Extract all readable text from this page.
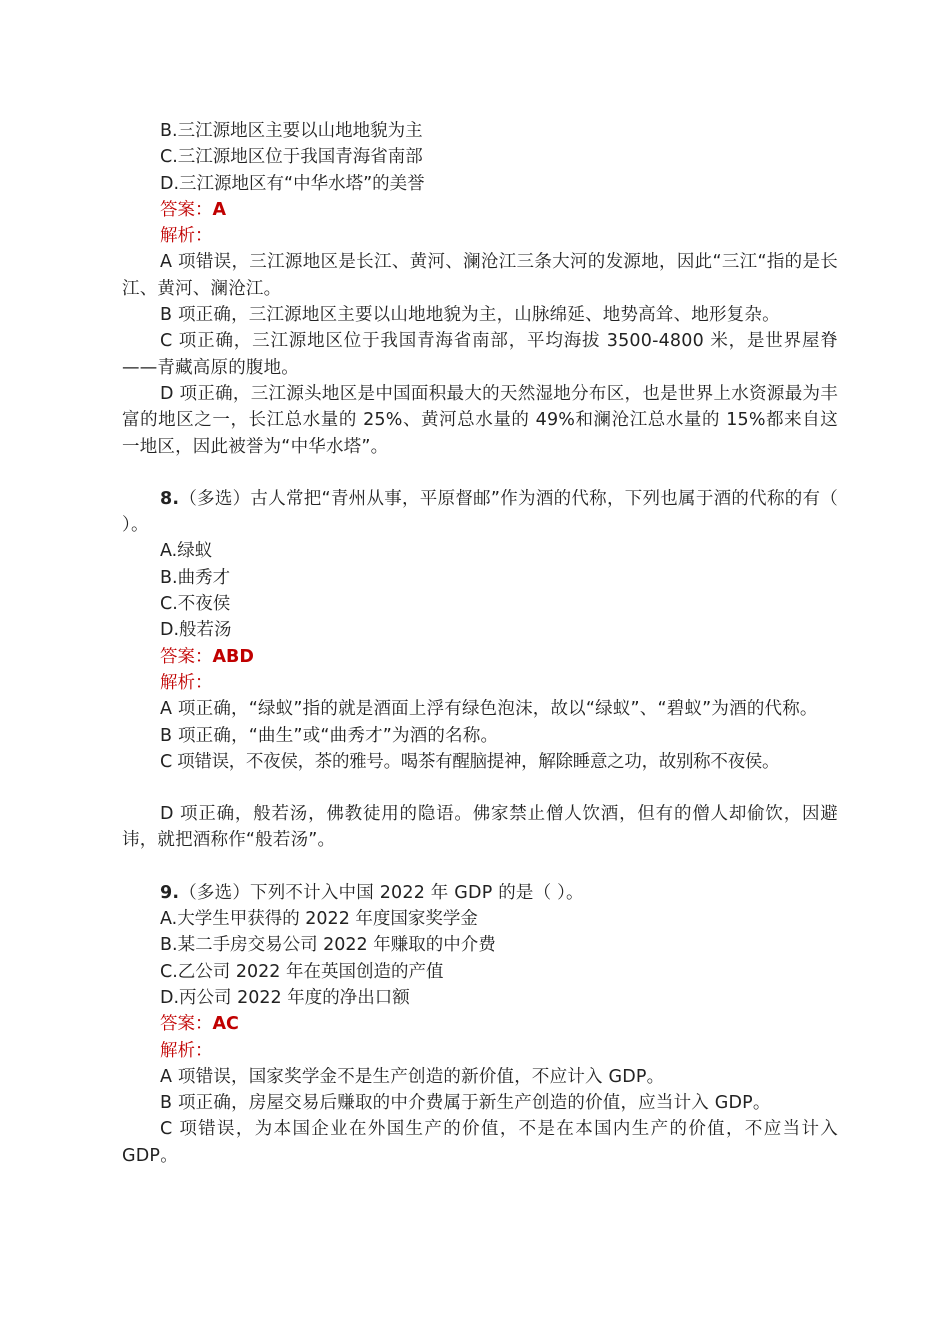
B.三江源地区主要以山地地貌为主

C.三江源地区位于我国青海省南部

D.三江源地区有“中华水塔”的美誉

答案：A

解析：

A 项错误，三江源地区是长江、黄河、澜沧江三条大河的发源地，因此“三江“指的是长江、黄河、澜沧江。

B 项正确，三江源地区主要以山地地貌为主，山脉绵延、地势高耸、地形复杂。

C 项正确，三江源地区位于我国青海省南部，平均海拔 3500-4800 米，是世界屋脊——青藏高原的腹地。

D 项正确，三江源头地区是中国面积最大的天然湿地分布区，也是世界上水资源最为丰富的地区之一，长江总水量的 25%、黄河总水量的 49%和澜沧江总水量的 15%都来自这一地区，因此被誉为“中华水塔”。

8.（多选）古人常把“青州从事，平原督邮”作为酒的代称，下列也属于酒的代称的有（ ）。

A.绿蚁

B.曲秀才

C.不夜侯

D.般若汤

答案：ABD

解析：

A 项正确，“绿蚁”指的就是酒面上浮有绿色泡沫，故以“绿蚁”、“碧蚁”为酒的代称。

B 项正确，“曲生”或“曲秀才”为酒的名称。

C 项错误，不夜侯，茶的雅号。喝茶有醒脑提神，解除睡意之功，故别称不夜侯。

D 项正确，般若汤，佛教徒用的隐语。佛家禁止僧人饮酒，但有的僧人却偷饮，因避讳，就把酒称作“般若汤”。

9.（多选）下列不计入中国 2022 年 GDP 的是（ ）。

A.大学生甲获得的 2022 年度国家奖学金

B.某二手房交易公司 2022 年赚取的中介费

C.乙公司 2022 年在英国创造的产值

D.丙公司 2022 年度的净出口额

答案：AC

解析：

A 项错误，国家奖学金不是生产创造的新价值，不应计入 GDP。

B 项正确，房屋交易后赚取的中介费属于新生产创造的价值，应当计入 GDP。

C 项错误，为本国企业在外国生产的价值，不是在本国内生产的价值，不应当计入 GDP。
